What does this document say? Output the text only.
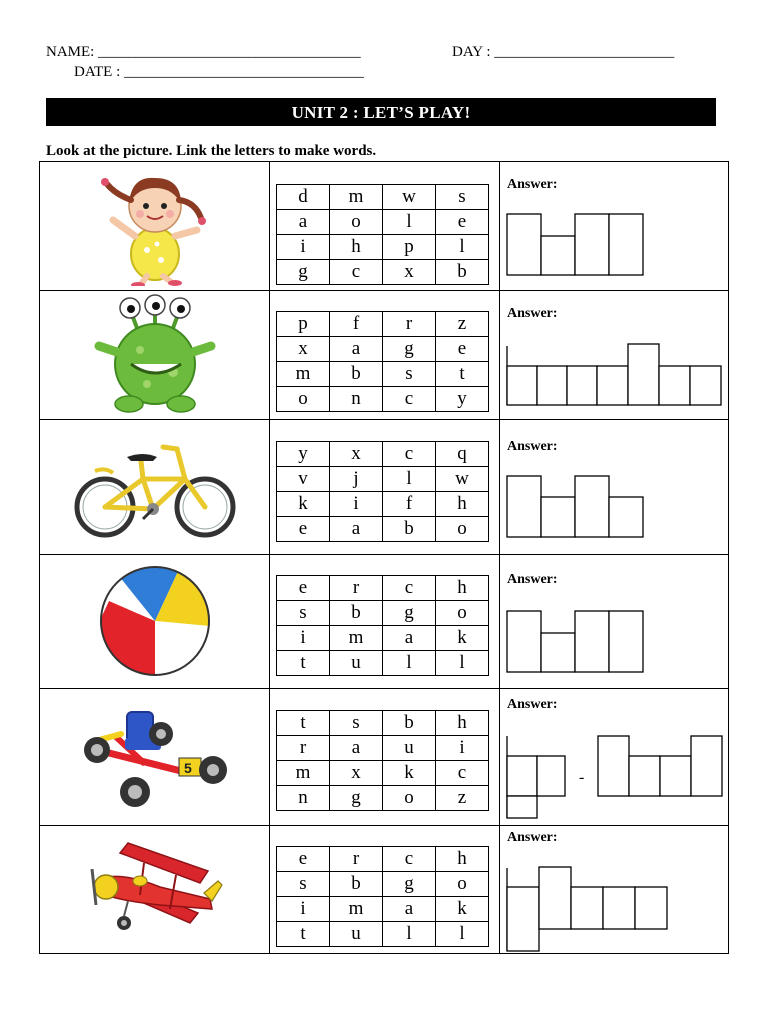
NAME: ___________________________________	DAY : ________________________
DATE : ________________________________
UNIT 2 : LET’S PLAY!
Look at the picture. Link the letters to make words.
d	m	w	s
a	o	l	e
i	h	p	l
g	c	x	b
Answer:
p	f	r	z
x	a	g	e
m	b	s	t
o	n	c	y
Answer:
y	x	c	q
v	j	l	w
k	i	f	h
e	a	b	o
Answer:
e	r	c	h
s	b	g	o
i	m	a	k
t	u	l	l
Answer:
5
t	s	b	h
r	a	u	i
m	x	k	c
n	g	o	z
Answer:
-
e	r	c	h
s	b	g	o
i	m	a	k
t	u	l	l
Answer:
